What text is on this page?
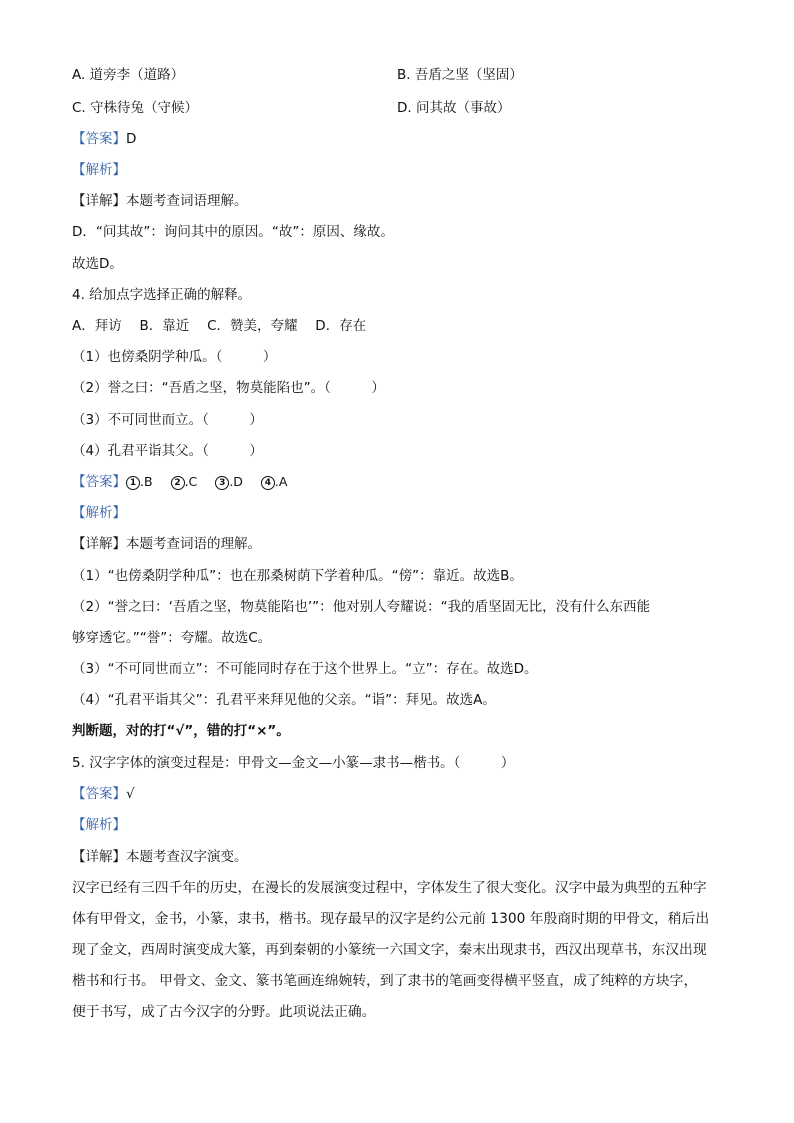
A. 道旁李（道路）	B. 吾盾之坚（坚固）
C. 守株待兔（守候）	D. 问其故（事故）
【答案】D
【解析】
【详解】本题考查词语理解。
D．“问其故”：询问其中的原因。“故”：原因、缘故。
故选D。
4. 给加点字选择正确的解释。
A．拜访　 B．靠近　 C．赞美，夸耀　 D．存在
（1）也傍桑阴学种瓜。（　　　）
（2）誉之曰：“吾盾之坚，物莫能陷也”。（　　　）
（3）不可同世而立。（　　　）
（4）孔君平诣其父。（　　　）
【答案】 1 .B 2 .C 3 .D 4 .A
【解析】
【详解】本题考查词语的理解。
（1）“也傍桑阴学种瓜”：也在那桑树荫下学着种瓜。“傍”：靠近。故选B。
（2）“誉之曰：‘吾盾之坚，物莫能陷也’”：他对别人夸耀说：“我的盾坚固无比，没有什么东西能
够穿透它。”“誉”：夸耀。故选C。
（3）“不可同世而立”：不可能同时存在于这个世界上。“立”：存在。故选D。
（4）“孔君平诣其父”：孔君平来拜见他的父亲。“诣”：拜见。故选A。
判断题，对的打“√”，错的打“×”。
5. 汉字字体的演变过程是：甲骨文—金文—小篆—隶书—楷书。（　　　）
【答案】√
【解析】
【详解】本题考查汉字演变。
汉字已经有三四千年的历史，在漫长的发展演变过程中，字体发生了很大变化。汉字中最为典型的五种字
体有甲骨文，金书，小篆，隶书，楷书。现存最早的汉字是约公元前 1300 年殷商时期的甲骨文，稍后出
现了金文，西周时演变成大篆，再到秦朝的小篆统一六国文字，秦末出现隶书，西汉出现草书，东汉出现
楷书和行书。 甲骨文、金文、篆书笔画连绵婉转，到了隶书的笔画变得横平竖直，成了纯粹的方块字，
便于书写，成了古今汉字的分野。此项说法正确。
